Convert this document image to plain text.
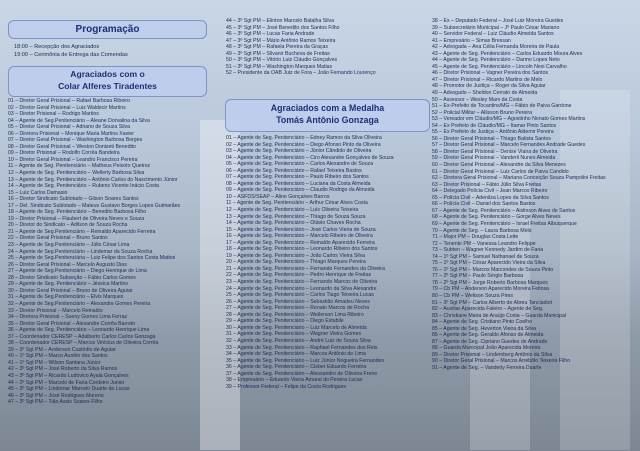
Programação
18:00 – Recepção dos Agraciados
19:00 – Cerimônia de Entrega das Comendas
Agraciados com o
Colar Alferes Tiradentes
01 – Diretor Geral Prisional – Rafael Barbosa Ribeiro
02 – Diretor Geral Prisional – Luiz Waldecir Martins
03 – Diretor Prisional – Rodrigo Martins
04 – Agente de Seg.Penitenciário – Aleane Dorvalina da Silva
05 – Diretor Geral Prisional – Adriano de Souza Silva
06 – Diretora Prisional – Monique Maria Martins Xavier
07 – Diretor Geral Prisional – Washington Barbosa Borges
08 – Diretor Geral Prisional – Weston Donizeti Benedito
09 – Diretor Prisional – Rodolfo Corrêa Bandeira
10 – Diretor Geral Prisional – Leandro Francisco Pereira
11 – Agente de Seg. Penitenciário – Matheus Peixoto Queiroz
12 – Agente de Seg. Penitenciário – Wellerty Barbosa Silva
13 – Agente de Seg. Penitenciário – Antônio Carlos do Nascimento Júnior
14 – Agente de Seg. Penitenciário – Rubens Vicente Inácio Costa
15 – Luiz Carlos Damasio
16 – Diretor Sindicato Sublotado – Gilson Soares Santos
17 – Del. Sindicato Sublotado – Mateus Gustavo Borges Lopes Guimarães
18 – Agente de Seg. Penitenciário – Benedito Barbosa Filho
19 – Diretor Prisional – Flaubert de Oliveira Neves e Souza
20 – Diretor do Sindicato – Adilson de Souza Rocha
21 – Agente de Seg.Penitenciário – Reinaldo Aparecido Ferreira
22 – Diretor Geral Prisional – Bruno Santos
23 – Agente de Seg.Penitenciário – Júlio César Lima
24 – Agente de Seg.Penitenciário – Lindemar da Souza Rocha
25 – Agente de Seg.Penitenciária – Luiz Felipe dos Santos Costa Mattos
26 – Diretor Geral Prisional – Marcelo Augusto Dias
27 – Agente de Seg.Penitenciário – Diego Henrique de Lima
28 – Diretor Sindicato Subseção – Fábio Carlos Gomes
29 – Agente de Seg. Penitenciário – Jéssica Martins
30 – Diretor Geral Prisional – Bruno de Oliveira Aguiar
31 – Agente de Seg.Penitenciário – Elvis Marques
32 – Agente de Seg.Penitenciário – Alexandre Gomes Pereira
33 – Diretor Prisional – Marcelo Reinaldo
34 – Diretora Prisional – Sueny Gomes Lima Ferraz
35 – Diretor Geral Prisional – Alexandre Corrêa Barreto
36 – Agente de Seg. Penitenciário – Leonardo Henrique Lima
37 – Coordenador CERESP – Adalberto Carlos Carlos Gonzaga
38 – Coordenador CERESP – Marcos Vinícius de Oliveira Corrêa
39 – 3º Sgt PM – Anderson Custódio de Aguiar
40 – 1º Sgt PM – Marco Aurélio dos Santos
41 – 1º Sgt PM – Wilson Santana Júnior
42 – 3º Sgt PM – José Roberto da Silva Ramos
43 – 3º Sgt PM – Ricardo Ludovico Ayala Gonçalves
44 – 2º Sgt PM – Marcelo de Faria Cordeiro Junior
45 – 3º Sgt PM – Lindomar Marcelo Duarte de Lucas
46 – 3º Sgt PM – José Rodrigues Moreno
47 – 3º Sgt PM – Tião Assis Soares Filho
44 – 3º Sgt PM – Elinton Marcelo Batalha Silva
45 – 3º Sgt PM – José Benedito dos Santos Filho
46 – 3º Sgt PM – Lucas Faria Andrade
47 – 3º Sgt PM – Mário Antônio Ramos Teixeira
48 – 3º Sgt PM – Rafaela Pereira da Graças
49 – 3º Sgt PM – Silvanir Bucheva de Freitas
50 – 3º Sgt PM – Vitório Luiz Cláudio Gonçalves
51 – 3º Sgt PM – Washington Marques Matias
52 – Presidente da OAB Juiz de Fora – João Fernando Lourenço
Agraciados com a Medalha
Tomás Antônio Gonzaga
01 – Agente de Seg. Penitenciário – Edney Ramos da Silva Oliveira
02 – Agente de Seg. Penitenciário – Diego Afonso Pinto da Oliveira
03 – Agente de Seg. Penitenciário – Júnior Cândido de Oliveira
04 – Agente de Seg. Penitenciário – Ciro Alexandre Gonçalves de Souza
05 – Agente de Seg. Penitenciário – Carlos Alexandre de Souza
06 – Agente de Seg. Penitenciário – Rafael Teixeira Bastos
07 – Agente de Seg. Penitenciário – Paulo Ribeiro dos Santos
08 – Agente de Seg. Penitenciário – Luciana da Costa Almeida
09 – Agente de Seg. Penitenciário – Claudio Rodrigo da Almeida
10 – ASFDS/SEAP – Aline Gonçalves Barros
11 – Agente de Seg. Penitenciário – Arthur César Alves Costa
12 – Agente de Seg. Penitenciário – Luís Oliveira Teixeira
13 – Agente de Seg. Penitenciário – Thiago de Souza Souza
14 – Agente de Seg. Penitenciário – Otávio Chaves Rocha
15 – Agente de Seg. Penitenciário – José Carlos Vieira de Souza
16 – Agente de Seg. Penitenciário – Marcelo Ribeiro de Oliveira
17 – Agente de Seg. Penitenciário – Reinaldo Aparecido Ferreira
18 – Agente de Seg. Penitenciário – Leonardo Ribeiro dos Santos
19 – Agente de Seg. Penitenciário – João Carlos Vieira Silva
20 – Agente de Seg. Penitenciário – Thiago Marques Pereira
21 – Agente de Seg. Penitenciário – Fernando Fernandes da Oliveira
22 – Agente de Seg. Penitenciário – Pedro Henrique de Freitas
23 – Agente de Seg. Penitenciário – Fernando Marcos de Oliveira
24 – Agente de Seg. Penitenciário – Leonardo da Silva Alexandre
25 – Agente de Seg. Penitenciário – Carlos Tiago Teixeira Lucas
26 – Agente de Seg. Penitenciário – Sebastião Amadeu Neves
27 – Agente de Seg. Penitenciário – Renato Marcos de Rocha
28 – Agente de Seg. Penitenciário – Wellerson Lima Ribeiro
29 – Agente de Seg. Penitenciário – Diego Estabile
30 – Agente de Seg. Penitenciário – Luiz Marcelo de Almeida
31 – Agente de Seg. Penitenciário – Wagner Vieira Gomes
32 – Agente de Seg. Penitenciário – André Luiz de Souza Silva
33 – Agente de Seg. Penitenciário – Raphael Fernandes dos Reis
34 – Agente de Seg. Penitenciário – Marcos Antônio de Lima
35 – Agente de Seg. Penitenciário – Luiz Júnior Nogueira Fernandes
36 – Agente de Seg. Penitenciário – Cleber Eduardo Ferreira
37 – Agente de Seg. Penitenciário – Alessandro de Oliveira Freire
38 – Empresário – Eduardo Vieira Amaral do Pereira Lucas
39 – Professor Federal – Felipe da Costa Rodrigues
38 – Ex – Deputado Federal – José Luiz Moreira Guedes
39 – Subsecretário Municipal – Jº Paulo César Mariano
40 – Servidor Federal – Luiz Cláudio Almeida Santos
41 – Empresário – Simas Bressan
42 – Advogada – Ana Célia Fernanda Moreira de Paula
43 – Agente de Seg. Penitenciário – Carlos Eduardo Moura Alves
44 – Agente de Seg. Penitenciário – Darmo Lopes Neto
45 – Agente de Seg. Penitenciário – Lincoln Nesi Carvalho
46 – Diretor Prisional – Vagner Pereira dos Santos
47 – Diretor Prisional – Ricardo Martins de Melo
48 – Promotor de Justiça – Roger da Silva Aguiar
49 – Advogado – Sheldon Cerrato de Almeida
50 – Assessor – Wesley Marx da Costa
51 – Ex-Prefeito de Tocantins/MG – Fábio de Paiva Gardone
52 – Policial Militar – Allisson Bruno Pereira
53 – Vereador em Cláudio/MG – Agostinho Nonato Gomes Martins
54 – Ex Prefeito de Cláudio/MG – Itamar Pinto Santos
55 – Ex Prefeito de Justiça – Antônio Aldemir Pereira
56 – Diretor Geral Prisional – Thiago Batista Santos
57 – Diretor Geral Prisional – Marcelo Fernandes Andrade Guedes
58 – Diretor Geral Prisional – Denise Viana de Oliveira
59 – Diretor Geral Prisional – Vanderli Nunes Almeida
60 – Diretor Geral Prisional – Alexandre da Silva Menezes
61 – Diretor Geral Prisional – Luiz Carlos de Paiva Candido
62 – Diretora Geral Prisional – Mariana Conceição Souza Pampolini Freitas
63 – Diretor Prisional – Fábio Júlio Silva Freitas
64 – Delegado Polícia Civil – Jean Marcos Ribeiro
65 – Polícia Civil – Adenilza Lopes da Silva Santos
66 – Polícia Civil – Daniel dos Santos Bastos
67 – Agente de Seg. Penitenciário – Aislinson Alves de Santos
68 – Agente de Seg. Penitenciário – Gorge Alves Neves
69 – Agente de Seg. Penitenciário – Israel Freitas Albuquerque
70 – Agente de Seg. – Laura Barbosa Melo
71 – Major PM – Douglas Costa Leite
72 – Tenente PM – Vanessa Leandro Felippe
73 – Subten – Wagner Kennedy Jardim de Faria
74 – 1º Sgt PM – Samuel Nathanael de Souza
75 – 1º Sgt PM – César Aparecido Vieira da Silva
76 – 1º Sgt PM – Marcos Marcondes de Souza Pinto
77 – 2º Sgt PM – Paulo Sérgio Barbosa
78 – 2º Sgt PM – Jorge Roberto Barbosa Marques
79 – Cb PM – Anderson Aparecido Moreira Feitosa
80 – Cb PM – Welison Souza Pires
81 – 3º Sgt PM – Carlos Alberto de Abreu Tanciadori
82 – Auxiliar Aparecida Faleiro – Agente de Seg.
83 – Christiane Maria de Araújo Costa – Guarda Municipal
84 – Agente de Seg. Cristiano Pinto Coelho
85 – Agente de Seg. Heverton Vieira da Silva
86 – Agente de Seg. Geraldo Afonso de Almeida
87 – Agente de Seg. Cipriano Guedes de Andrade
88 – Guarda Municipal João Aparecida Moreira
89 – Diretor Prisional – Lindemberg Antônio da Silva
90 – Diretor Geral Prisional – Marcos Arrebôlo Teixeira Filho
91 – Agente de Seg. – Vanderly Ferreira Duarte
